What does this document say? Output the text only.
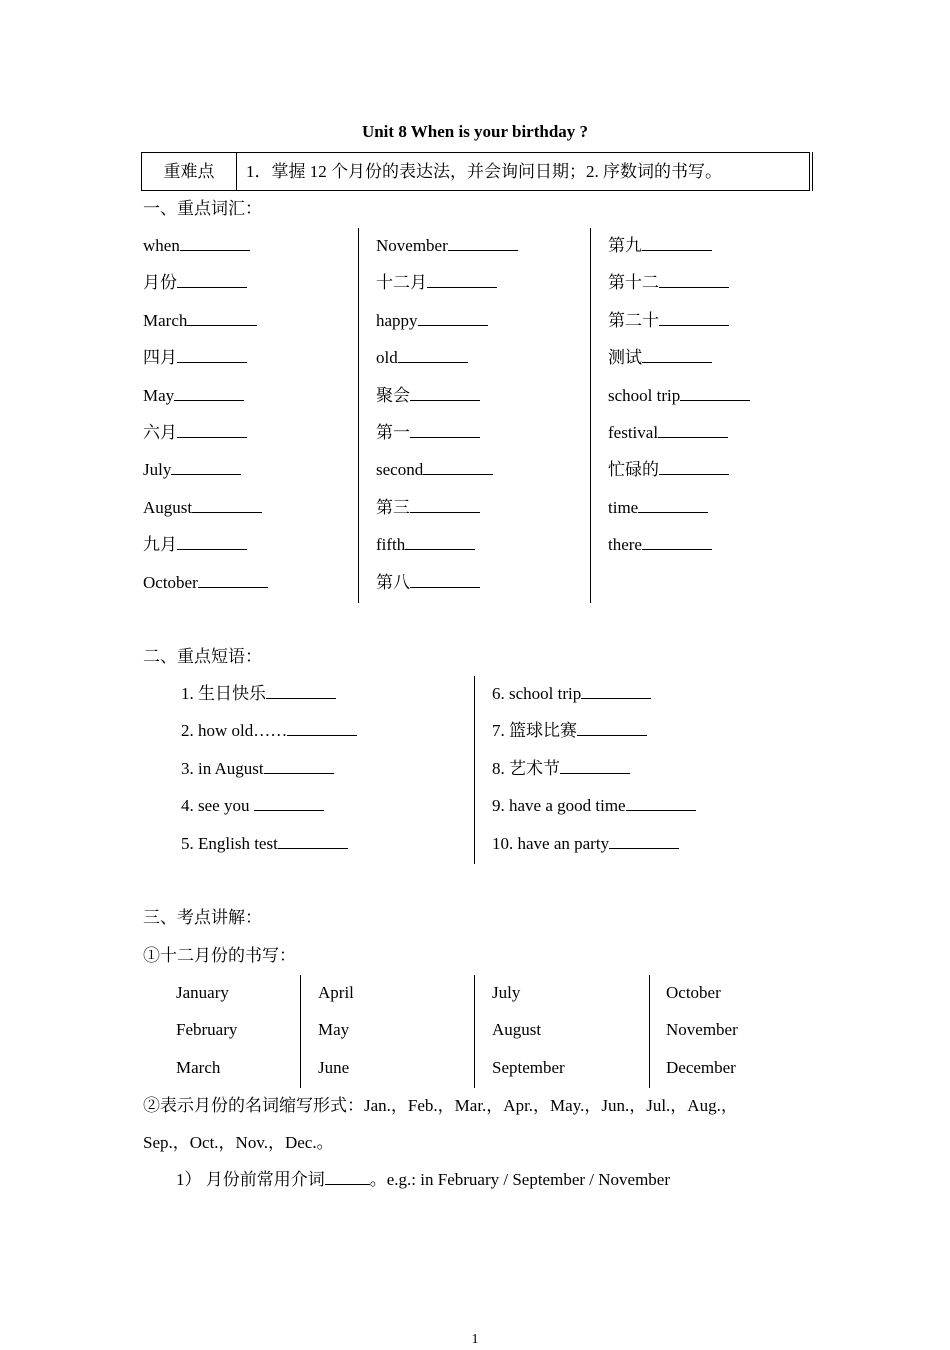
Unit 8 When is your birthday ?
重难点	1．掌握 12 个月份的表达法，并会询问日期；2. 序数词的书写。
一、重点词汇：
when
月份
March
四月
May
六月
July
August
九月
October
November
十二月
happy
old
聚会
第一
second
第三
fifth
第八
第九
第十二
第二十
测试
school trip
festival
忙碌的
time
there
二、重点短语：
1. 生日快乐
2. how old……
3. in August
4. see you
5. English test
6. school trip
7. 篮球比赛
8. 艺术节
9. have a good time
10. have an party
三、考点讲解：
①十二月份的书写：
January
February
March
April
May
June
July
August
September
October
November
December
②表示月份的名词缩写形式：Jan.，Feb.，Mar.，Apr.，May.，Jun.，Jul.，Aug.，
Sep.，Oct.，Nov.，Dec.。
1） 月份前常用介词	。e.g.: in February / September / November
1
